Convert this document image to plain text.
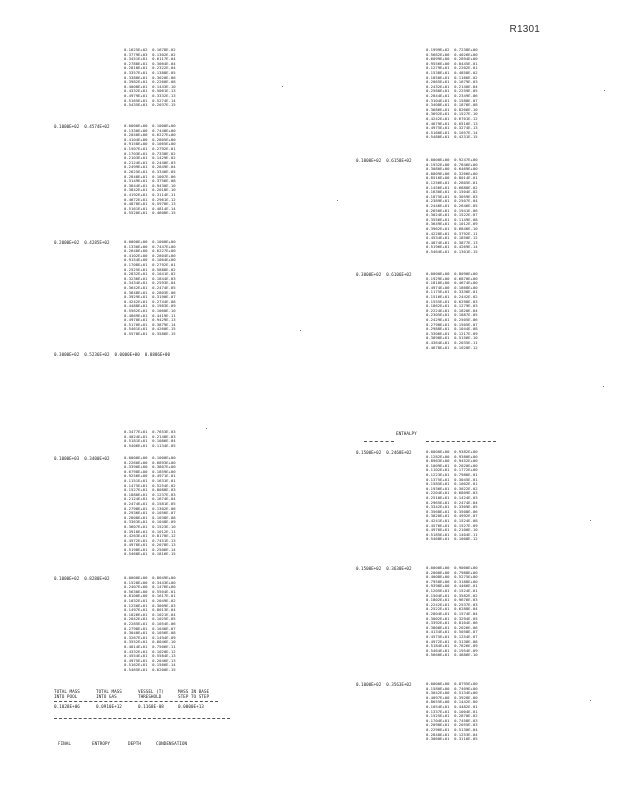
R1301
0.1625E+02  0.1678E-02
0.3779E+03  0.1302E-02
0.3451E+01  0.6117E-04
0.2788E+01  0.3064E-04
0.2818E+01  0.2322E-04
0.3357E+01  0.1388E-05
0.3380E+01  0.3020E-06
0.3982E+01  0.2260E-08
0.4008E+01  0.1443E-10
0.4332E+01  0.5061E-13
0.4979E+01  0.3332E-13
0.5165E+01  0.5274E-14
0.5435E+01  0.2037E-15
0.1000E+02  0.4574E+02	0.0000E+00  0.1000E+00
0.1330E+00  0.7448E+00
0.2040E+00  0.6227E+00
0.4104E+00  0.2805E+00
0.9158E+00  0.1065E+00
0.1507E+01  0.2792E-01
0.1703E+01  0.7338E-02
0.2103E+01  0.1429E-02
0.2124E+01  0.2440E-03
0.2499E+01  0.2849E-04
0.2625E+01  0.3346E-05
0.2848E+01  0.1007E-06
0.3149E+01  0.3756E-08
0.3644E+01  0.9430E-10
0.3842E+01  0.2018E-10
0.4192E+01  0.3114E-11
0.4672E+01  0.2961E-12
0.4878E+01  0.5978E-13
0.5161E+01  0.4814E-14
0.5520E+01  0.4608E-15
0.2000E+02  0.4285E+02	0.0000E+00  0.1000E+00
0.1330E+00  0.7447E+00
0.2640E+00  0.6227E+00
0.4102E+00  0.2804E+00
0.9154E+00  0.1064E+00
0.1708E+01  0.2792E-01
0.2525E+01  0.5888E-02
0.2832E+01  0.1041E-02
0.3236E+01  0.1844E-03
0.3434E+01  0.2593E-04
0.3642E+01  0.2474E-05
0.3648E+01  0.2803E-06
0.3929E+01  0.3190E-07
0.4242E+01  0.2744E-08
0.4488E+01  0.1983E-09
0.5562E+01  0.1060E-10
0.4869E+01  0.4419E-11
0.4970E+01  0.9429E-13
0.5170E+01  0.3879E-14
0.5461E+01  0.4260E-15
0.5578E+01  0.3586E-15
0.3000E+02  0.5236E+02  0.0000E+00  0.8886E+00
0.1999E+02  0.7238E+00
0.5682E+00  0.4026E+00
0.6099E+00  0.2894E+00
0.9556E+00  0.8445E-01
0.1279E+01  0.2202E-01
0.1538E+01  0.4858E-02
0.1850E+01  0.1166E-02
0.2065E+01  0.1679E-03
0.2432E+01  0.2140E-04
0.2580E+01  0.2259E-05
0.2844E+01  0.2349E-06
0.3104E+01  0.1588E-07
0.3408E+01  0.1876E-08
0.3686E+01  0.8266E-10
0.3692E+01  0.1527E-10
0.4242E+01  0.6701E-12
0.4679E+01  0.6510E-13
0.4975E+01  0.3274E-13
0.5160E+01  0.1057E-14
0.5480E+01  0.4231E-15
0.1000E+02  0.6158E+02	0.0000E+00  0.9247E+00
0.1932E+00  0.7846E+00
0.3080E+00  0.6469E+00
0.8009E+00  0.3266E+00
0.8516E+00  0.8014E-01
0.1256E+01  0.2805E-01
0.1456E+01  0.6888E-02
0.1630E+01  0.1504E-02
0.1875E+01  0.3059E-03
0.2389E+01  0.2507E-04
0.2446E+01  0.2646E-05
0.2650E+01  0.1941E-06
0.3024E+01  0.1522E-07
0.3556E+01  0.1149E-08
0.3649E+01  0.1012E-09
0.3962E+01  0.6846E-10
0.4228E+01  0.3792E-11
0.4534E+01  0.1850E-12
0.4874E+01  0.3877E-13
0.5196E+01  0.4269E-14
0.5464E+01  0.1301E-15
0.3000E+02  0.6106E+02	0.0000E+00  0.8090E+00
0.1929E+00  0.6870E+00
0.1810E+00  0.4674E+00
0.4974E+00  0.1868E+00
0.1175E+01  0.3338E-01
0.1516E+01  0.2442E-02
0.1555E+01  0.6290E-03
0.1862E+01  0.1279E-03
0.2224E+01  0.1820E-04
0.2305E+01  0.1887E-05
0.2429E+01  0.2505E-06
0.2798E+01  0.1505E-07
0.2988E+01  0.1044E-08
0.3306E+01  0.1217E-09
0.3898E+01  0.5156E-10
0.4364E+01  0.2035E-11
0.4678E+01  0.1028E-12
0.3477E+01  0.7653E-03
0.4024E+01  0.2148E-03
0.5181E+01  0.1086E-04
0.5406E+01  0.1134E-05
0.1000E+03  0.3400E+02	0.0000E+00  0.1000E+00
0.2260E+00  0.6893E+00
0.3390E+00  0.3807E+00
0.6798E+00  0.1859E+00
0.9256E+00  0.4971E-01
0.1151E+01  0.1631E-01
0.1475E+01  0.5254E-02
0.1527E+01  0.8088E-03
0.1880E+01  0.1237E-03
0.2124E+01  0.1674E-04
0.2474E+01  0.1581E-05
0.2798E+01  0.1302E-06
0.2936E+01  0.1056E-07
0.2808E+01  0.1038E-08
0.3363E+01  0.1048E-09
0.3607E+01  0.1523E-10
0.3910E+01  0.1012E-11
0.4263E+01  0.8170E-12
0.4572E+01  0.7451E-13
0.4978E+01  0.2078E-13
0.5198E+01  0.2506E-14
0.5468E+01  0.1816E-15
0.1000E+02  0.8280E+02	0.0000E+00  0.8049E+00
0.1528E+00  0.3443E+00
0.2407E+00  0.1476E+00
0.5630E+00  0.5504E-01
0.8100E+00  0.1617E-01
0.1032E+01  0.2049E-02
0.1250E+01  0.3009E-03
0.1497E+01  0.8013E-04
0.1826E+01  0.1021E-04
0.2042E+01  0.1025E-05
0.2285E+01  0.1054E-06
0.2798E+01  0.1046E-07
0.3040E+01  0.1056E-08
0.3267E+01  0.1494E-09
0.3552E+01  0.8046E-10
0.4014E+01  0.7506E-11
0.4332E+01  0.1020E-12
0.4554E+01  0.5584E-13
0.4975E+01  0.2046E-13
0.5162E+01  0.1566E-14
0.5465E+01  0.6200E-15
TOTAL MASS
INTO POOL
TOTAL MASS
INTO GAS
VESSEL (T)
THRESHOLD
MASS IN BASE
STEP TO STEP
0.1028E+06	0.0910E+12	0.1168E-08	0.0000E+13
FINAL	ENTROPY	DEPTH	CONDENSATION
ENTHALPY
0.1500E+02  0.2468E+02	0.0000E+00  0.9382E+00
0.1282E+00  0.9380E+00
0.8963E+00  0.9452E+00
0.1009E+01  0.2020E+00
0.1102E+01  0.1772E+00
0.1223E+01  0.7986E-01
0.1375E+01  0.3045E-01
0.1585E+01  0.1002E-01
0.1936E+01  0.3022E-02
0.2204E+01  0.6809E-03
0.2510E+01  0.1424E-03
0.2965E+01  0.2474E-04
0.3342E+01  0.3309E-05
0.3568E+01  0.3508E-06
0.3820E+01  0.4992E-07
0.4241E+01  0.1524E-08
0.4576E+01  0.1527E-09
0.4976E+01  0.2100E-10
0.5185E+01  0.1404E-11
0.5468E+01  0.1008E-12
0.1500E+02  0.3630E+02	0.0000E+00  0.9000E+00
0.2000E+00  0.7988E+00
0.4008E+00  0.5275E+00
0.7958E+00  0.3188E+00
0.9398E+00  0.4466E-01
0.1205E+01  0.1524E-01
0.1504E+01  0.3582E-02
0.1802E+01  0.9676E-03
0.2242E+01  0.2537E-03
0.2522E+01  0.6288E-04
0.2804E+01  0.1574E-04
0.3002E+01  0.3294E-05
0.3392E+01  0.8104E-06
0.3808E+01  0.2026E-06
0.4134E+01  0.5058E-07
0.4575E+01  0.1254E-07
0.4972E+01  0.3138E-08
0.5184E+01  0.7826E-09
0.5464E+01  0.1954E-09
0.5660E+01  0.4886E-10
0.1000E+02  0.3563E+02	0.0000E+00  0.8795E+00
0.1580E+00  0.7409E+00
0.3042E+00  0.5134E+00
0.4097E+00  0.3928E-00
0.8655E+00  0.1442E-00
0.1054E+01  0.4482E-01
0.1337E+01  0.1004E-01
0.1525E+01  0.2870E-02
0.1704E+01  0.7458E-03
0.2090E+01  0.2055E-03
0.2296E+01  0.5130E-04
0.2840E+01  0.1253E-04
0.3060E+01  0.3116E-05
